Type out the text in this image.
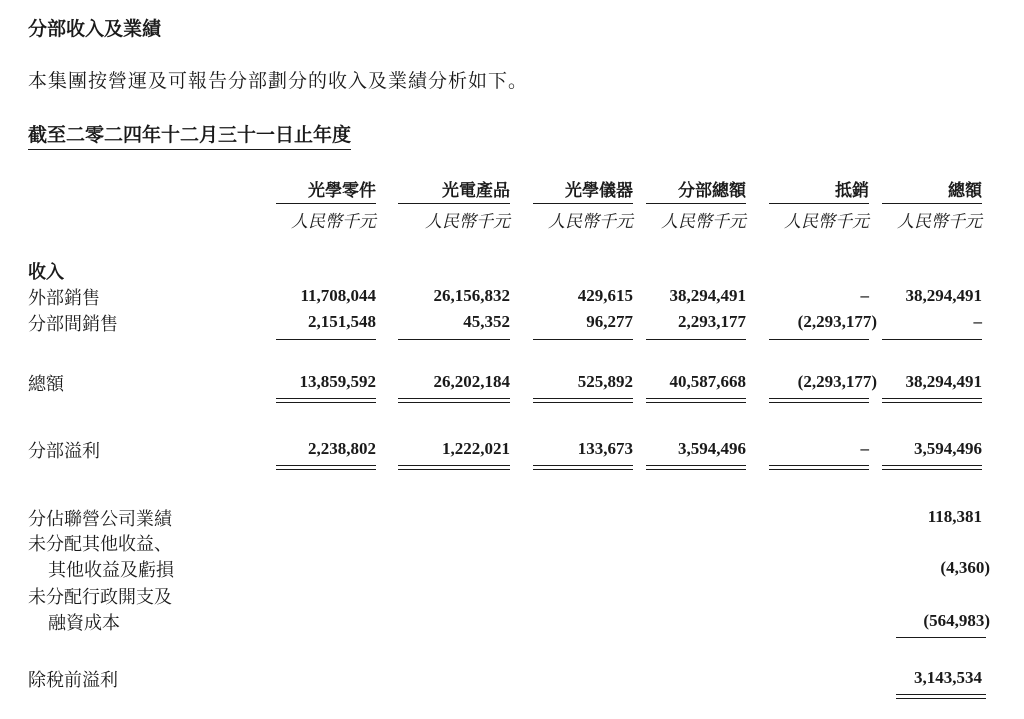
分部收入及業績
本集團按營運及可報告分部劃分的收入及業績分析如下。
截至二零二四年十二月三十一日止年度
光學零件	光電產品	光學儀器	分部總額	抵銷	總額
人民幣千元	人民幣千元	人民幣千元	人民幣千元	人民幣千元	人民幣千元
收入
外部銷售	11,708,044	26,156,832	429,615	38,294,491	–	38,294,491
分部間銷售	2,151,548	45,352	96,277	2,293,177	(2,293,177)	–
總額	13,859,592	26,202,184	525,892	40,587,668	(2,293,177)	38,294,491
分部溢利	2,238,802	1,222,021	133,673	3,594,496	–	3,594,496
分佔聯營公司業績	118,381
未分配其他收益、
其他收益及虧損	(4,360)
未分配行政開支及
融資成本	(564,983)
除稅前溢利	3,143,534
